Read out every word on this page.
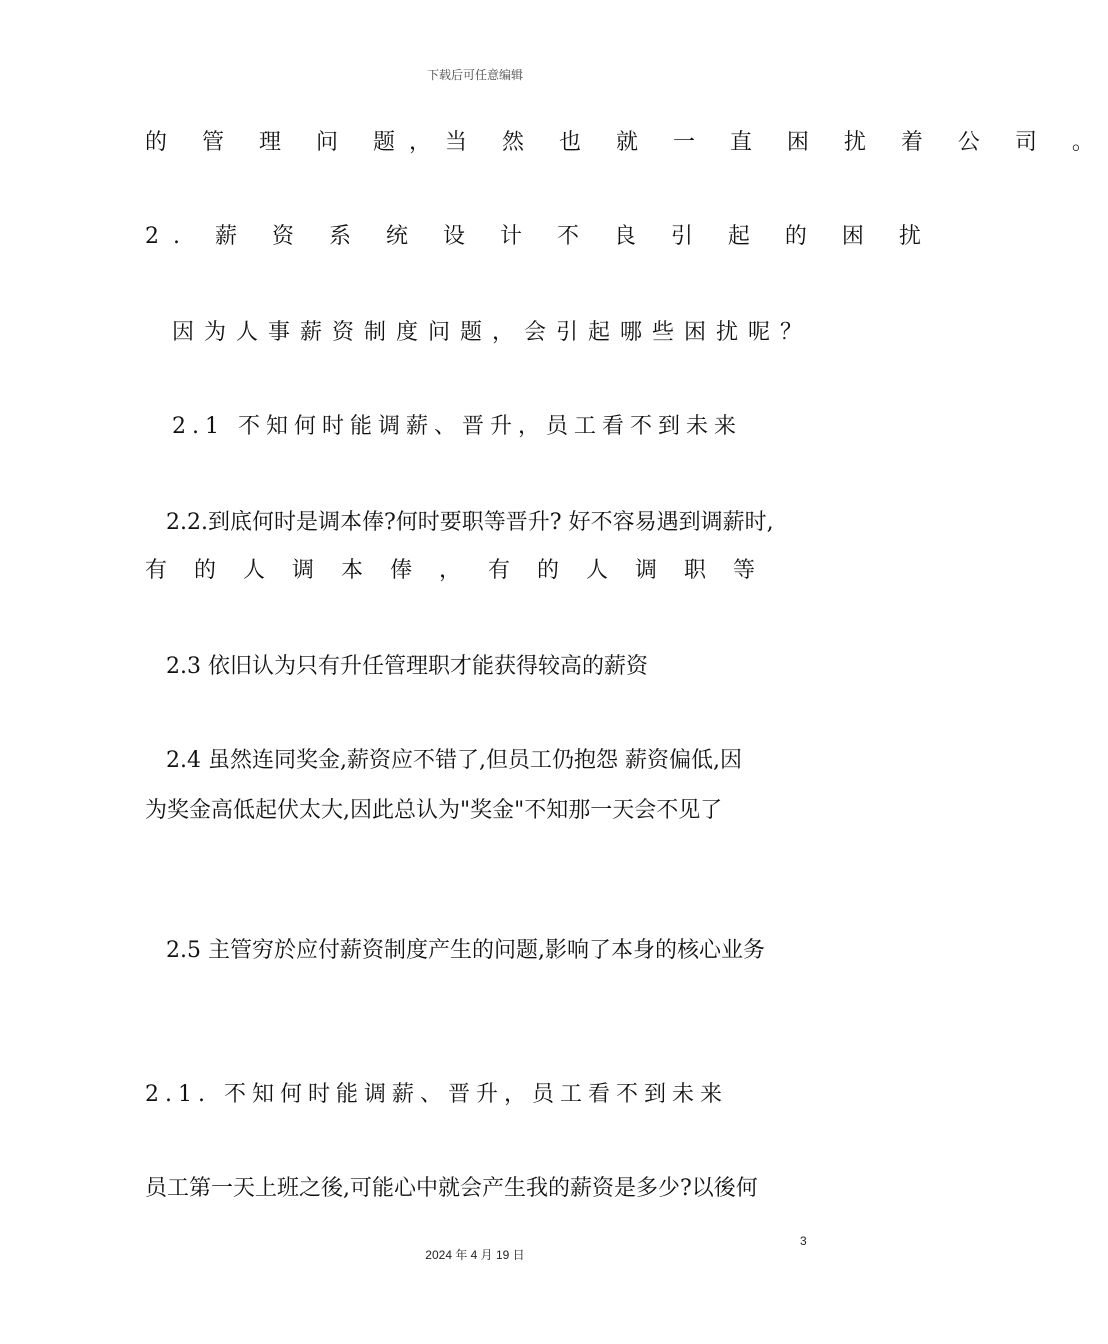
下载后可任意编辑
的 管 理 问 题，当 然 也 就 一 直 困 扰 着 公 司 。
2. 薪 资 系 统 设 计 不 良 引 起 的 困 扰
因为人事薪资制度问题，会引起哪些困扰呢？
2.1 不知何时能调薪、晋升，员工看不到未来
2.2.到底何时是调本俸?何时要职等晋升? 好不容易遇到调薪时,
有的人调本俸，有的人调职等
2.3 依旧认为只有升任管理职才能获得较高的薪资
2.4 虽然连同奖金,薪资应不错了,但员工仍抱怨 薪资偏低,因
为奖金高低起伏太大,因此总认为"奖金"不知那一天会不见了
2.5 主管穷於应付薪资制度产生的问题,影响了本身的核心业务
2.1. 不知何时能调薪、晋升，员工看不到未来
员工第一天上班之後,可能心中就会产生我的薪资是多少?以後何
3
2024 年 4 月 19 日
